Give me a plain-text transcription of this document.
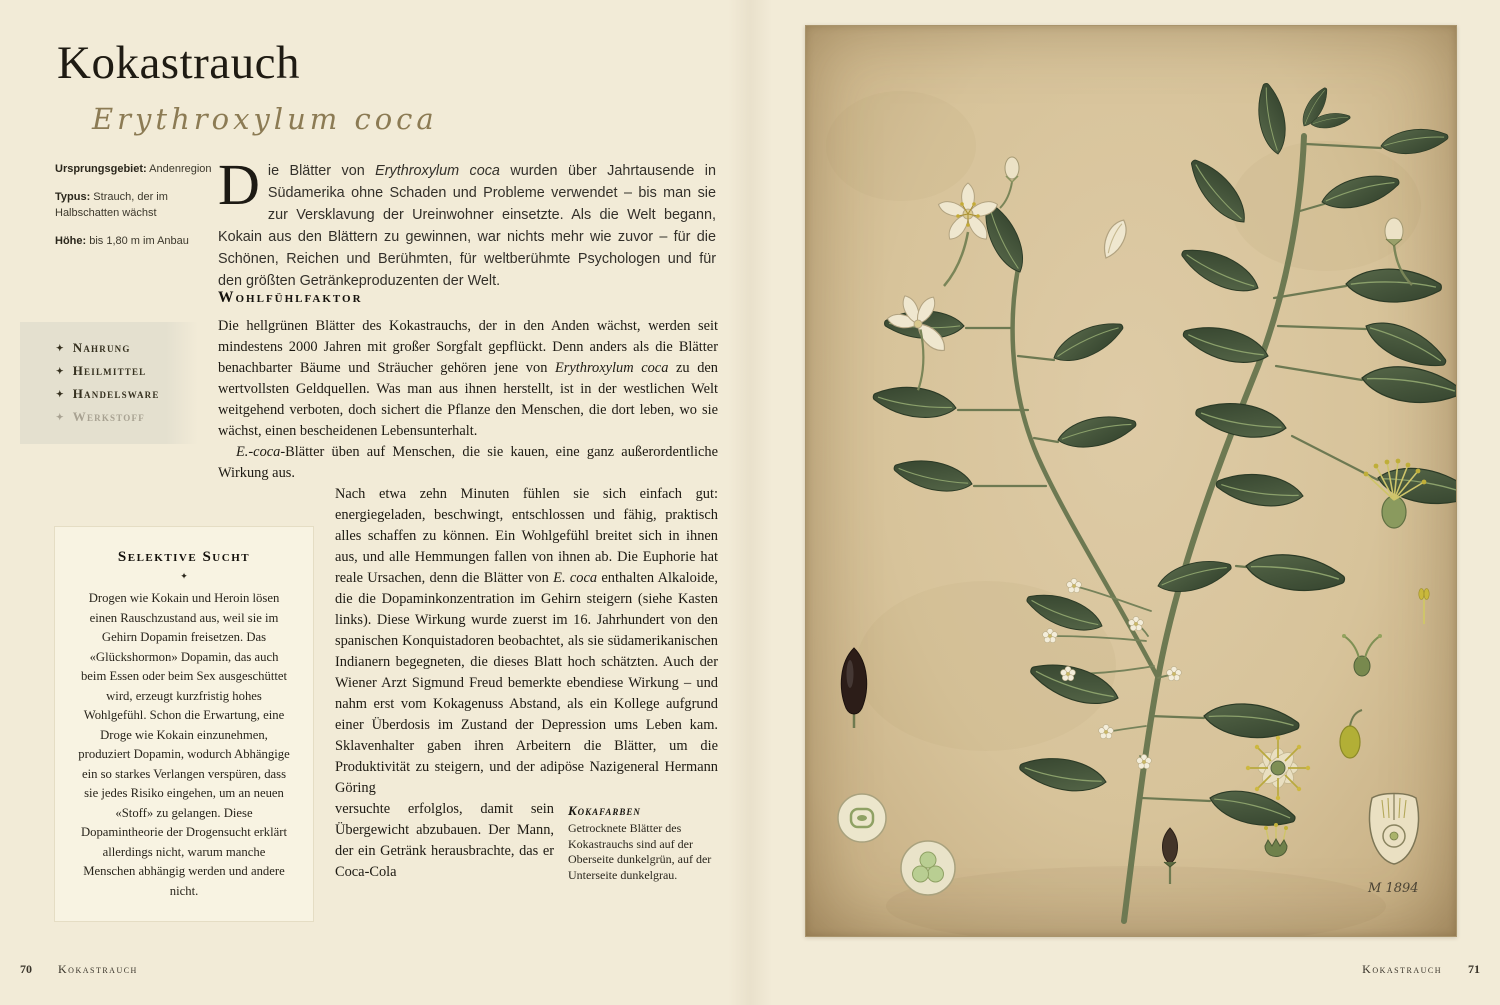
Kokastrauch
Erythroxylum coca
Ursprungsgebiet: Andenregion
Typus: Strauch, der im Halbschatten wächst
Höhe: bis 1,80 m im Anbau
✦ Nahrung
✦ Heilmittel
✦ Handelsware
✦ Werkstoff
Die Blätter von Erythroxylum coca wurden über Jahrtausende in Südamerika ohne Schaden und Probleme verwendet – bis man sie zur Versklavung der Ureinwohner einsetzte. Als die Welt begann, Kokain aus den Blättern zu gewinnen, war nichts mehr wie zuvor – für die Schönen, Reichen und Berühmten, für weltberühmte Psychologen und für den größten Getränkeproduzenten der Welt.
Wohlfühlfaktor

Die hellgrünen Blätter des Kokastrauchs, der in den Anden wächst, werden seit mindestens 2000 Jahren mit großer Sorgfalt gepflückt. Denn anders als die Blätter benachbarter Bäume und Sträucher gehören jene von Erythroxylum coca zu den wertvollsten Geldquellen. Was man aus ihnen herstellt, ist in der westlichen Welt weitgehend verboten, doch sichert die Pflanze den Menschen, die dort leben, wo sie wächst, einen bescheidenen Lebensunterhalt.

E.-coca-Blätter üben auf Menschen, die sie kauen, eine ganz außerordentliche Wirkung aus.

Nach etwa zehn Minuten fühlen sie sich einfach gut: energiegeladen, beschwingt, entschlossen und fähig, praktisch alles schaffen zu können. Ein Wohlgefühl breitet sich in ihnen aus, und alle Hemmungen fallen von ihnen ab. Die Euphorie hat reale Ursachen, denn die Blätter von E. coca enthalten Alkaloide, die die Dopaminkonzentration im Gehirn steigern (siehe Kasten links). Diese Wirkung wurde zuerst im 16. Jahrhundert von den spanischen Konquistadoren beobachtet, als sie südamerikanischen Indianern begegneten, die dieses Blatt hoch schätzten. Auch der Wiener Arzt Sigmund Freud bemerkte ebendiese Wirkung – und nahm erst vom Kokagenuss Abstand, als ein Kollege aufgrund einer Überdosis im Zustand der Depression ums Leben kam. Sklavenhalter gaben ihren Arbeitern die Blätter, um die Produktivität zu steigern, und der adipöse Nazigeneral Hermann Göring

Kokafarben
Getrocknete Blätter des Kokastrauchs sind auf der Oberseite dunkelgrün, auf der Unterseite dunkelgrau.

versuchte erfolglos, damit sein Übergewicht abzubauen. Der Mann, der ein Getränk herausbrachte, das er Coca-Cola

Selektive Sucht
✦
Drogen wie Kokain und Heroin lösen einen Rauschzustand aus, weil sie im Gehirn Dopamin freisetzen. Das «Glückshormon» Dopamin, das auch beim Essen oder beim Sex ausgeschüttet wird, erzeugt kurzfristig hohes Wohlgefühl. Schon die Erwartung, eine Droge wie Kokain einzunehmen, produziert Dopamin, wodurch Abhängige ein so starkes Verlangen verspüren, dass sie jedes Risiko eingehen, um an neuen «Stoff» zu gelangen. Diese Dopamintheorie der Drogensucht erklärt allerdings nicht, warum manche Menschen abhängig werden und andere nicht.
70 Kokastrauch
M 1894
Kokastrauch 71
